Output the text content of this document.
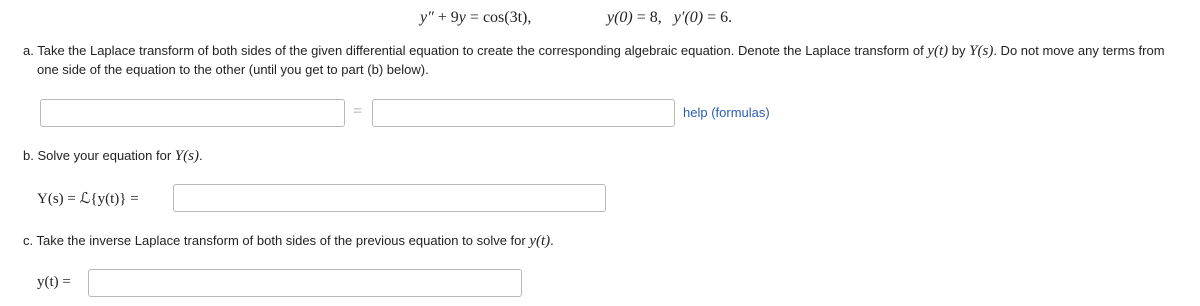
y″ + 9y = cos(3t),	y(0) = 8, y′(0) = 6.
a. Take the Laplace transform of both sides of the given differential equation to create the corresponding algebraic equation. Denote the Laplace transform of y(t) by Y(s). Do not move any terms from
one side of the equation to the other (until you get to part (b) below).
=	help (formulas)
b. Solve your equation for Y(s).
Y(s) = ℒ{y(t)} =
c. Take the inverse Laplace transform of both sides of the previous equation to solve for y(t).
y(t) =
